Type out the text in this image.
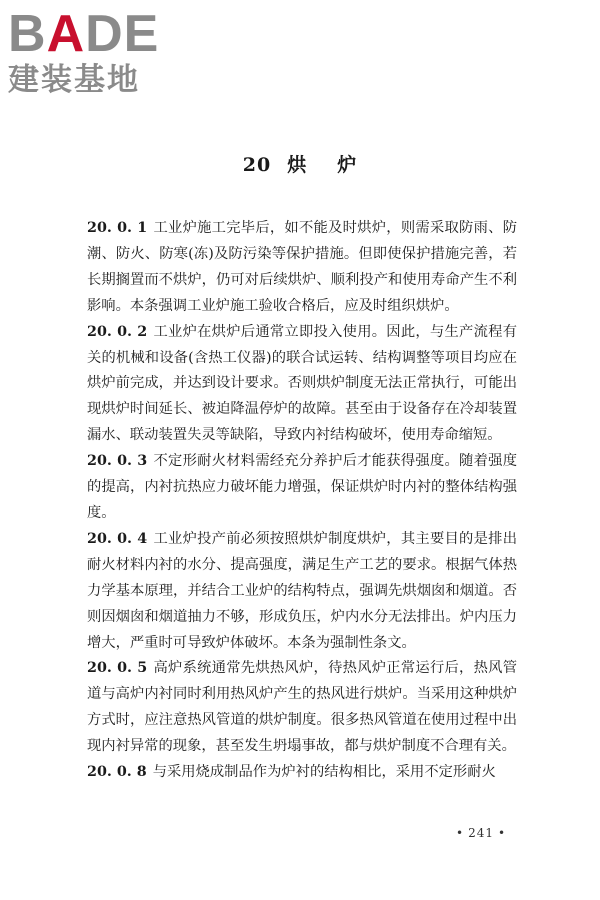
BADE
建装基地
20 烘 炉

20. 0. 1 工业炉施工完毕后，如不能及时烘炉，则需采取防雨、防潮、防火、防寒(冻)及防污染等保护措施。但即使保护措施完善，若长期搁置而不烘炉，仍可对后续烘炉、顺利投产和使用寿命产生不利影响。本条强调工业炉施工验收合格后，应及时组织烘炉。

20. 0. 2 工业炉在烘炉后通常立即投入使用。因此，与生产流程有关的机械和设备(含热工仪器)的联合试运转、结构调整等项目均应在烘炉前完成，并达到设计要求。否则烘炉制度无法正常执行，可能出现烘炉时间延长、被迫降温停炉的故障。甚至由于设备存在冷却装置漏水、联动装置失灵等缺陷，导致内衬结构破坏，使用寿命缩短。

20. 0. 3 不定形耐火材料需经充分养护后才能获得强度。随着强度的提高，内衬抗热应力破坏能力增强，保证烘炉时内衬的整体结构强度。

20. 0. 4 工业炉投产前必须按照烘炉制度烘炉，其主要目的是排出耐火材料内衬的水分、提高强度，满足生产工艺的要求。根据气体热力学基本原理，并结合工业炉的结构特点，强调先烘烟囱和烟道。否则因烟囱和烟道抽力不够，形成负压，炉内水分无法排出。炉内压力增大，严重时可导致炉体破坏。本条为强制性条文。

20. 0. 5 高炉系统通常先烘热风炉，待热风炉正常运行后，热风管道与高炉内衬同时利用热风炉产生的热风进行烘炉。当采用这种烘炉方式时，应注意热风管道的烘炉制度。很多热风管道在使用过程中出现内衬异常的现象，甚至发生坍塌事故，都与烘炉制度不合理有关。

20. 0. 8 与采用烧成制品作为炉衬的结构相比，采用不定形耐火

• 241 •
